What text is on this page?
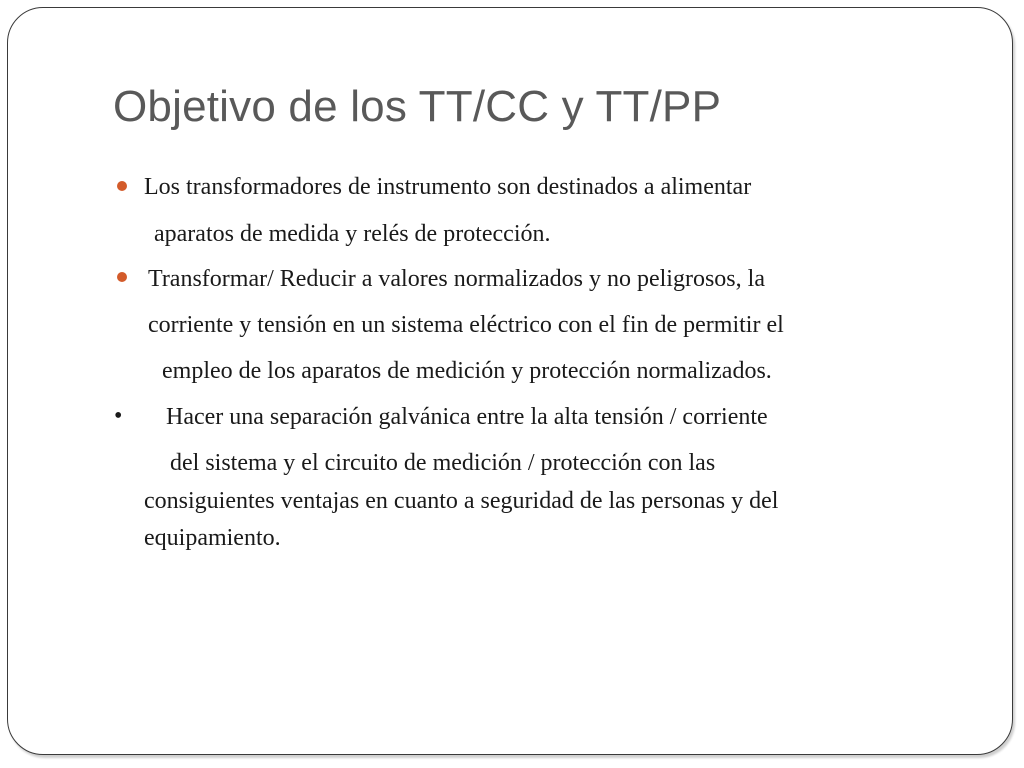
Objetivo de los TT/CC y TT/PP
Los transformadores de instrumento son destinados a alimentar
aparatos de medida y relés de protección.
Transformar/ Reducir a valores normalizados y no peligrosos, la
corriente y tensión en un sistema eléctrico con el fin de permitir el
empleo de los aparatos de medición y protección normalizados.
• Hacer una separación galvánica entre la alta tensión / corriente
del sistema y el circuito de medición / protección con las
consiguientes ventajas en cuanto a seguridad de las personas y del
equipamiento.
